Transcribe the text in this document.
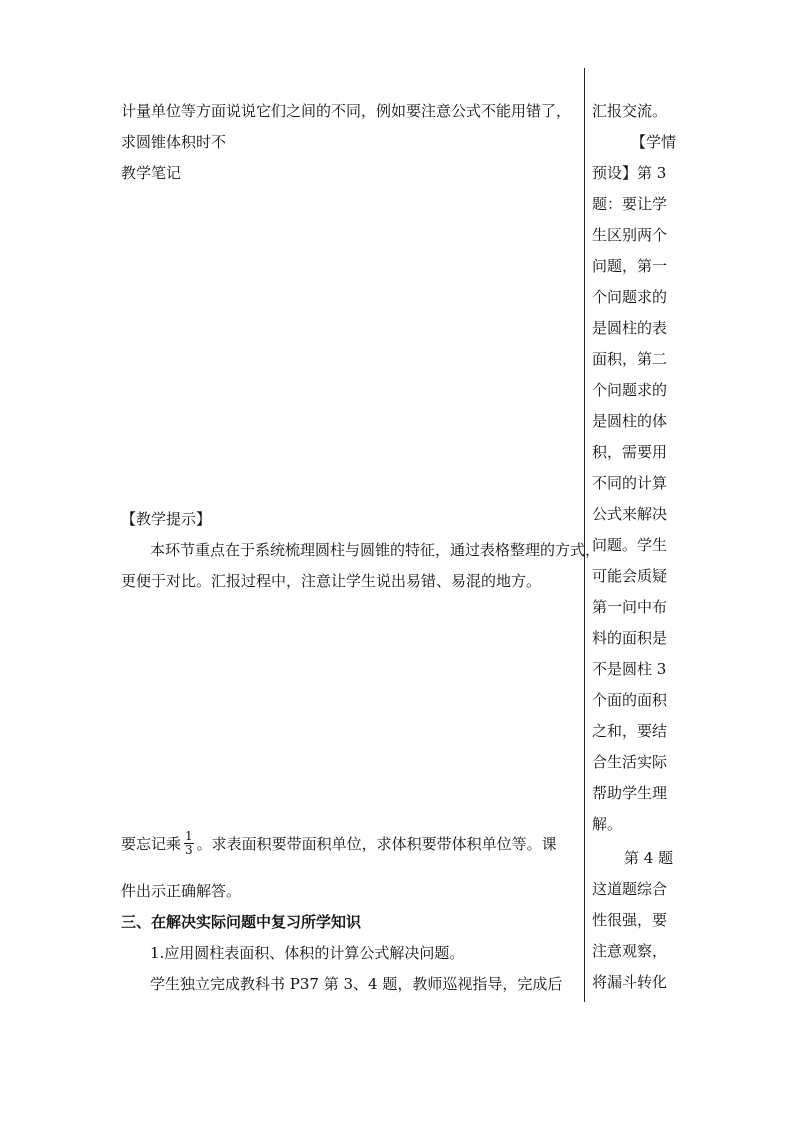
计量单位等方面说说它们之间的不同，例如要注意公式不能用错了，
求圆锥体积时不
教学笔记
【教学提示】
本环节重点在于系统梳理圆柱与圆锥的特征，通过表格整理的方式，
更便于对比。汇报过程中，注意让学生说出易错、易混的地方。
要忘记乘 $\frac{1}{3}$ 。求表面积要带面积单位，求体积要带体积单位等。课
件出示正确解答。
三、在解决实际问题中复习所学知识
1.应用圆柱表面积、体积的计算公式解决问题。
学生独立完成教科书 P37 第 3、4 题，教师巡视指导，完成后
汇报交流。
【学情
预设】第 3
题：要让学
生区别两个
问题，第一
个问题求的
是圆柱的表
面积，第二
个问题求的
是圆柱的体
积，需要用
不同的计算
公式来解决
问题。学生
可能会质疑
第一问中布
料的面积是
不是圆柱 3
个面的面积
之和，要结
合生活实际
帮助学生理
解。
第 4 题
这道题综合
性很强，要
注意观察，
将漏斗转化
